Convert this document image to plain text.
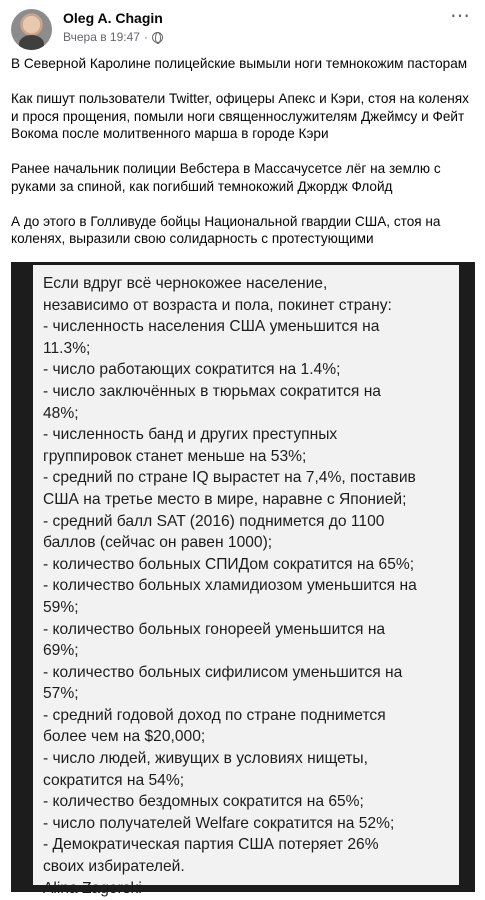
Oleg A. Chagin
Вчера в 19:47 ·
⋯

В Северной Каролине полицейские вымыли ноги темнокожим пасторам

Как пишут пользователи Twitter, офицеры Апекс и Кэри, стоя на коленях и прося прощения, помыли ноги священнослужителям Джеймсу и Фейт Вокома после молитвенного марша в городе Кэри

Ранее начальник полиции Вебстера в Массачусетсе лёг на землю с руками за спиной, как погибший темнокожий Джордж Флойд

А до этого в Голливуде бойцы Национальной гвардии США, стоя на коленях, выразили свою солидарность с протестующими

Если вдруг всё чернокожее население,
независимо от возраста и пола, покинет страну:
- численность населения США уменьшится на
11.3%;
- число работающих сократится на 1.4%;
- число заключённых в тюрьмах сократится на
48%;
- численность банд и других преступных
группировок станет меньше на 53%;
- средний по стране IQ вырастет на 7,4%, поставив
США на третье место в мире, наравне с Японией;
- средний балл SAT (2016) поднимется до 1100
баллов (сейчас он равен 1000);
- количество больных СПИДом сократится на 65%;
- количество больных хламидиозом уменьшится на
59%;
- количество больных гонореей уменьшится на
69%;
- количество больных сифилисом уменьшится на
57%;
- средний годовой доход по стране поднимется
более чем на $20,000;
- число людей, живущих в условиях нищеты,
сократится на 54%;
- количество бездомных сократится на 65%;
- число получателей Welfare сократится на 52%;
- Демократическая партия США потеряет 26%
своих избирателей.
Alina Zagorski
